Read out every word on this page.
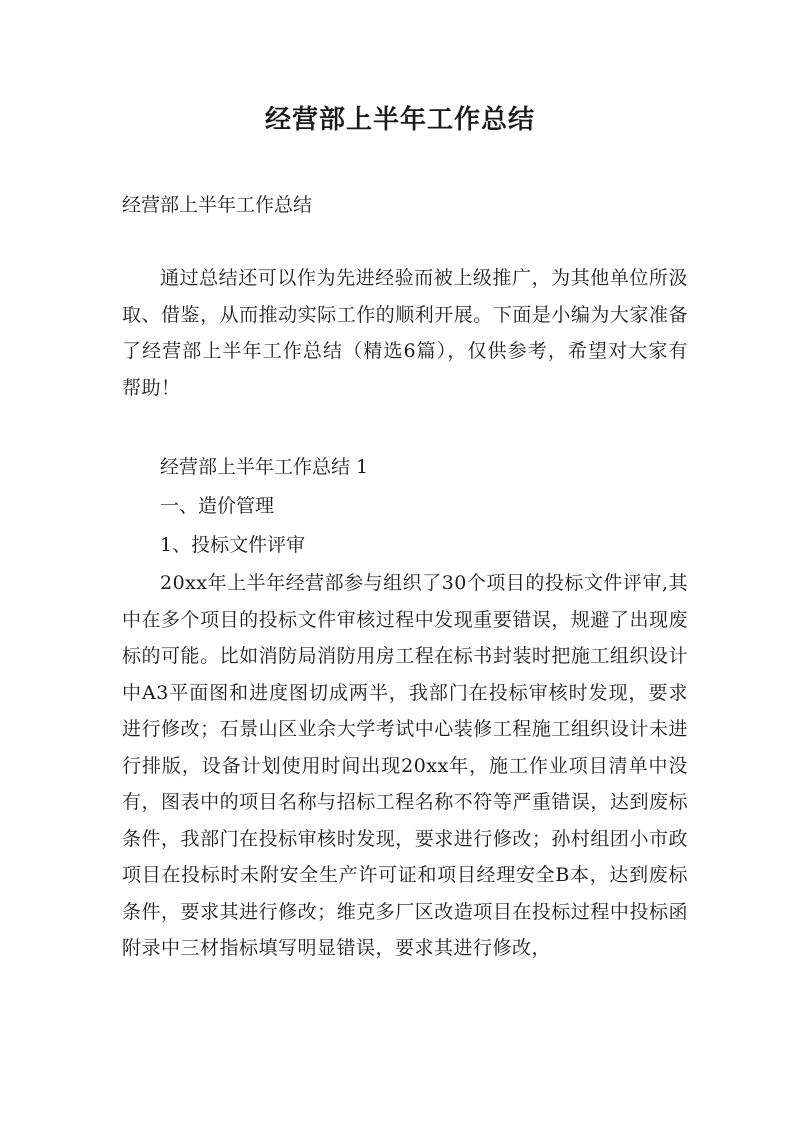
经营部上半年工作总结

经营部上半年工作总结

通过总结还可以作为先进经验而被上级推广，为其他单位所汲取、借鉴，从而推动实际工作的顺利开展。下面是小编为大家准备了经营部上半年工作总结（精选6篇），仅供参考，希望对大家有帮助！

经营部上半年工作总结 1

一、造价管理

1、投标文件评审

20xx年上半年经营部参与组织了30个项目的投标文件评审,其中在多个项目的投标文件审核过程中发现重要错误，规避了出现废标的可能。比如消防局消防用房工程在标书封装时把施工组织设计中A3平面图和进度图切成两半，我部门在投标审核时发现，要求进行修改；石景山区业余大学考试中心装修工程施工组织设计未进行排版，设备计划使用时间出现20xx年，施工作业项目清单中没有，图表中的项目名称与招标工程名称不符等严重错误，达到废标条件，我部门在投标审核时发现，要求进行修改；孙村组团小市政项目在投标时未附安全生产许可证和项目经理安全B本，达到废标条件，要求其进行修改；维克多厂区改造项目在投标过程中投标函附录中三材指标填写明显错误，要求其进行修改，
